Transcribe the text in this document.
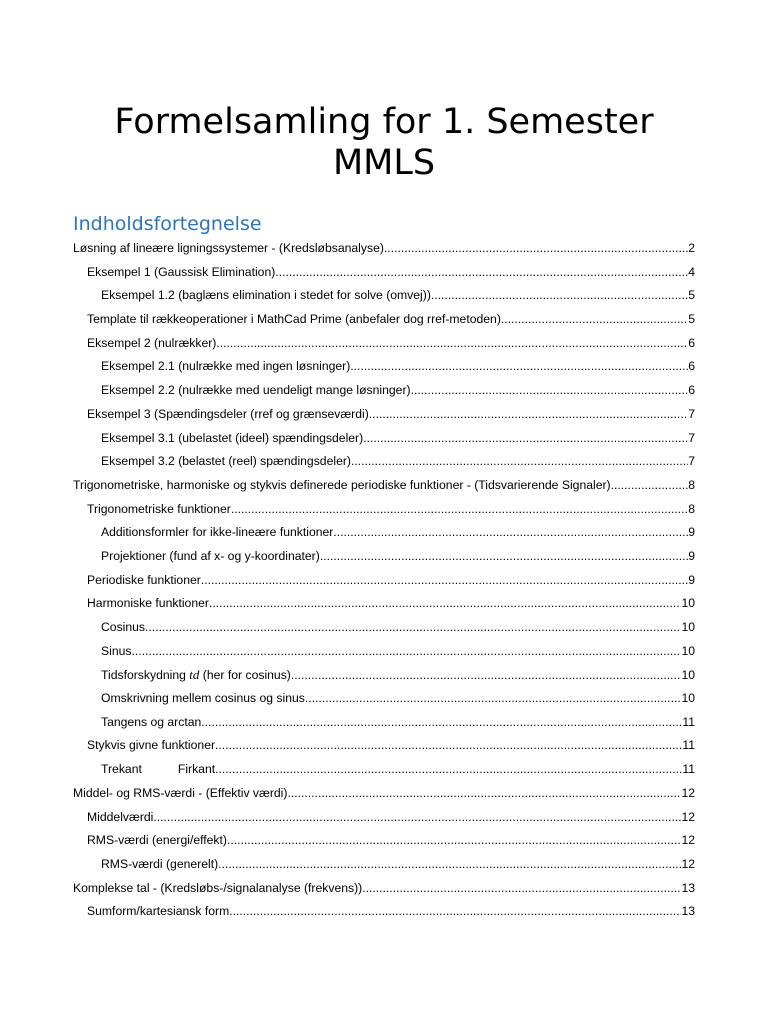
Formelsamling for 1. Semester
MMLS
Indholdsfortegnelse
Løsning af lineære ligningssystemer - (Kredsløbsanalyse) .....	2
Eksempel 1 (Gaussisk Elimination) .....	4
Eksempel 1.2 (baglæns elimination i stedet for solve (omvej)) .....	5
Template til rækkeoperationer i MathCad Prime (anbefaler dog rref-metoden) .....	5
Eksempel 2 (nulrækker) .....	6
Eksempel 2.1 (nulrække med ingen løsninger) .....	6
Eksempel 2.2 (nulrække med uendeligt mange løsninger) .....	6
Eksempel 3 (Spændingsdeler (rref og grænseværdi) .....	7
Eksempel 3.1 (ubelastet (ideel) spændingsdeler) .....	7
Eksempel 3.2 (belastet (reel) spændingsdeler) .....	7
Trigonometriske, harmoniske og stykvis definerede periodiske funktioner - (Tidsvarierende Signaler) .....	8
Trigonometriske funktioner .....	8
Additionsformler for ikke-lineære funktioner .....	9
Projektioner (fund af x- og y-koordinater) .....	9
Periodiske funktioner .....	9
Harmoniske funktioner .....	10
Cosinus .....	10
Sinus .....	10
Tidsforskydning td (her for cosinus) .....	10
Omskrivning mellem cosinus og sinus .....	10
Tangens og arctan .....	11
Stykvis givne funktioner .....	11
Trekant	Firkant .....	11
Middel- og RMS-værdi - (Effektiv værdi) .....	12
Middelværdi .....	12
RMS-værdi (energi/effekt) .....	12
RMS-værdi (generelt) .....	12
Komplekse tal - (Kredsløbs-/signalanalyse (frekvens)) .....	13
Sumform/kartesiansk form .....	13
